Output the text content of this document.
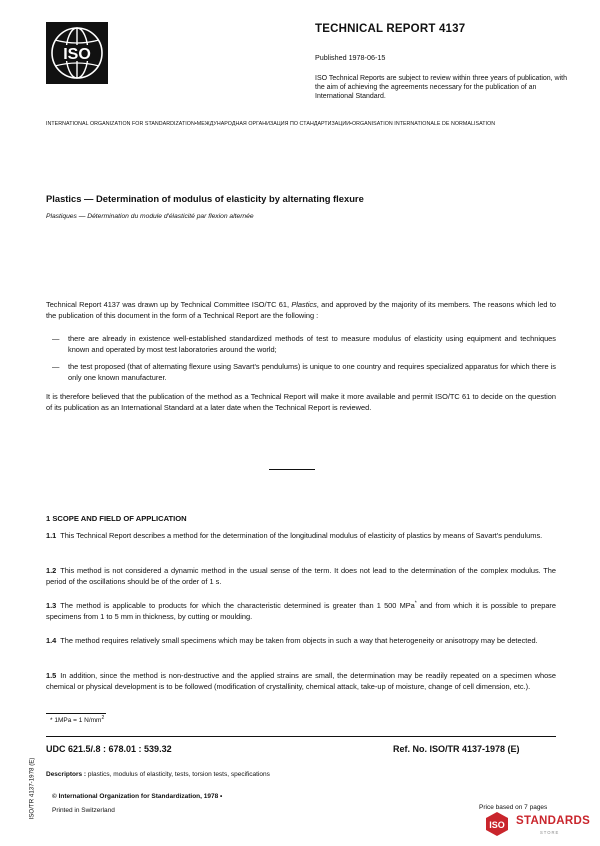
ISO
TECHNICAL REPORT 4137
Published 1978-06-15
ISO Technical Reports are subject to review within three years of publication, with the aim of achieving the agreements necessary for the publication of an International Standard.
INTERNATIONAL ORGANIZATION FOR STANDARDIZATION•МЕЖДУНАРОДНАЯ ОРГАНИЗАЦИЯ ПО СТАНДАРТИЗАЦИИ•ORGANISATION INTERNATIONALE DE NORMALISATION
Plastics — Determination of modulus of elasticity by alternating flexure
Plastiques — Détermination du module d'élasticité par flexion alternée
Technical Report 4137 was drawn up by Technical Committee ISO/TC 61, Plastics, and approved by the majority of its members. The reasons which led to the publication of this document in the form of a Technical Report are the following :
—	there are already in existence well-established standardized methods of test to measure modulus of elasticity using equipment and techniques known and operated by most test laboratories around the world;
—	the test proposed (that of alternating flexure using Savart's pendulums) is unique to one country and requires specialized apparatus for which there is only one known manufacturer.
It is therefore believed that the publication of the method as a Technical Report will make it more available and permit ISO/TC 61 to decide on the question of its publication as an International Standard at a later date when the Technical Report is reviewed.
1 SCOPE AND FIELD OF APPLICATION
1.1 This Technical Report describes a method for the determination of the longitudinal modulus of elasticity of plastics by means of Savart's pendulums.
1.2 This method is not considered a dynamic method in the usual sense of the term. It does not lead to the determination of the complex modulus. The period of the oscillations should be of the order of 1 s.
1.3 The method is applicable to products for which the characteristic determined is greater than 1 500 MPa* and from which it is possible to prepare specimens from 1 to 5 mm in thickness, by cutting or moulding.
1.4 The method requires relatively small specimens which may be taken from objects in such a way that heterogeneity or anisotropy may be detected.
1.5 In addition, since the method is non-destructive and the applied strains are small, the determination may be readily repeated on a specimen whose chemical or physical development is to be followed (modification of crystallinity, chemical attack, take-up of moisture, change of cell dimension, etc.).
* 1MPa = 1 $N/mm^2$
UDC 621.5/.8 : 678.01 : 539.32	Ref. No. ISO/TR 4137-1978 (E)
Descriptors : plastics, modulus of elasticity, tests, torsion tests, specifications
© International Organization for Standardization, 1978 •
Printed in Switzerland	Price based on 7 pages
ISO/TR 4137-1978 (E)
ISO STANDARDS
STORE
